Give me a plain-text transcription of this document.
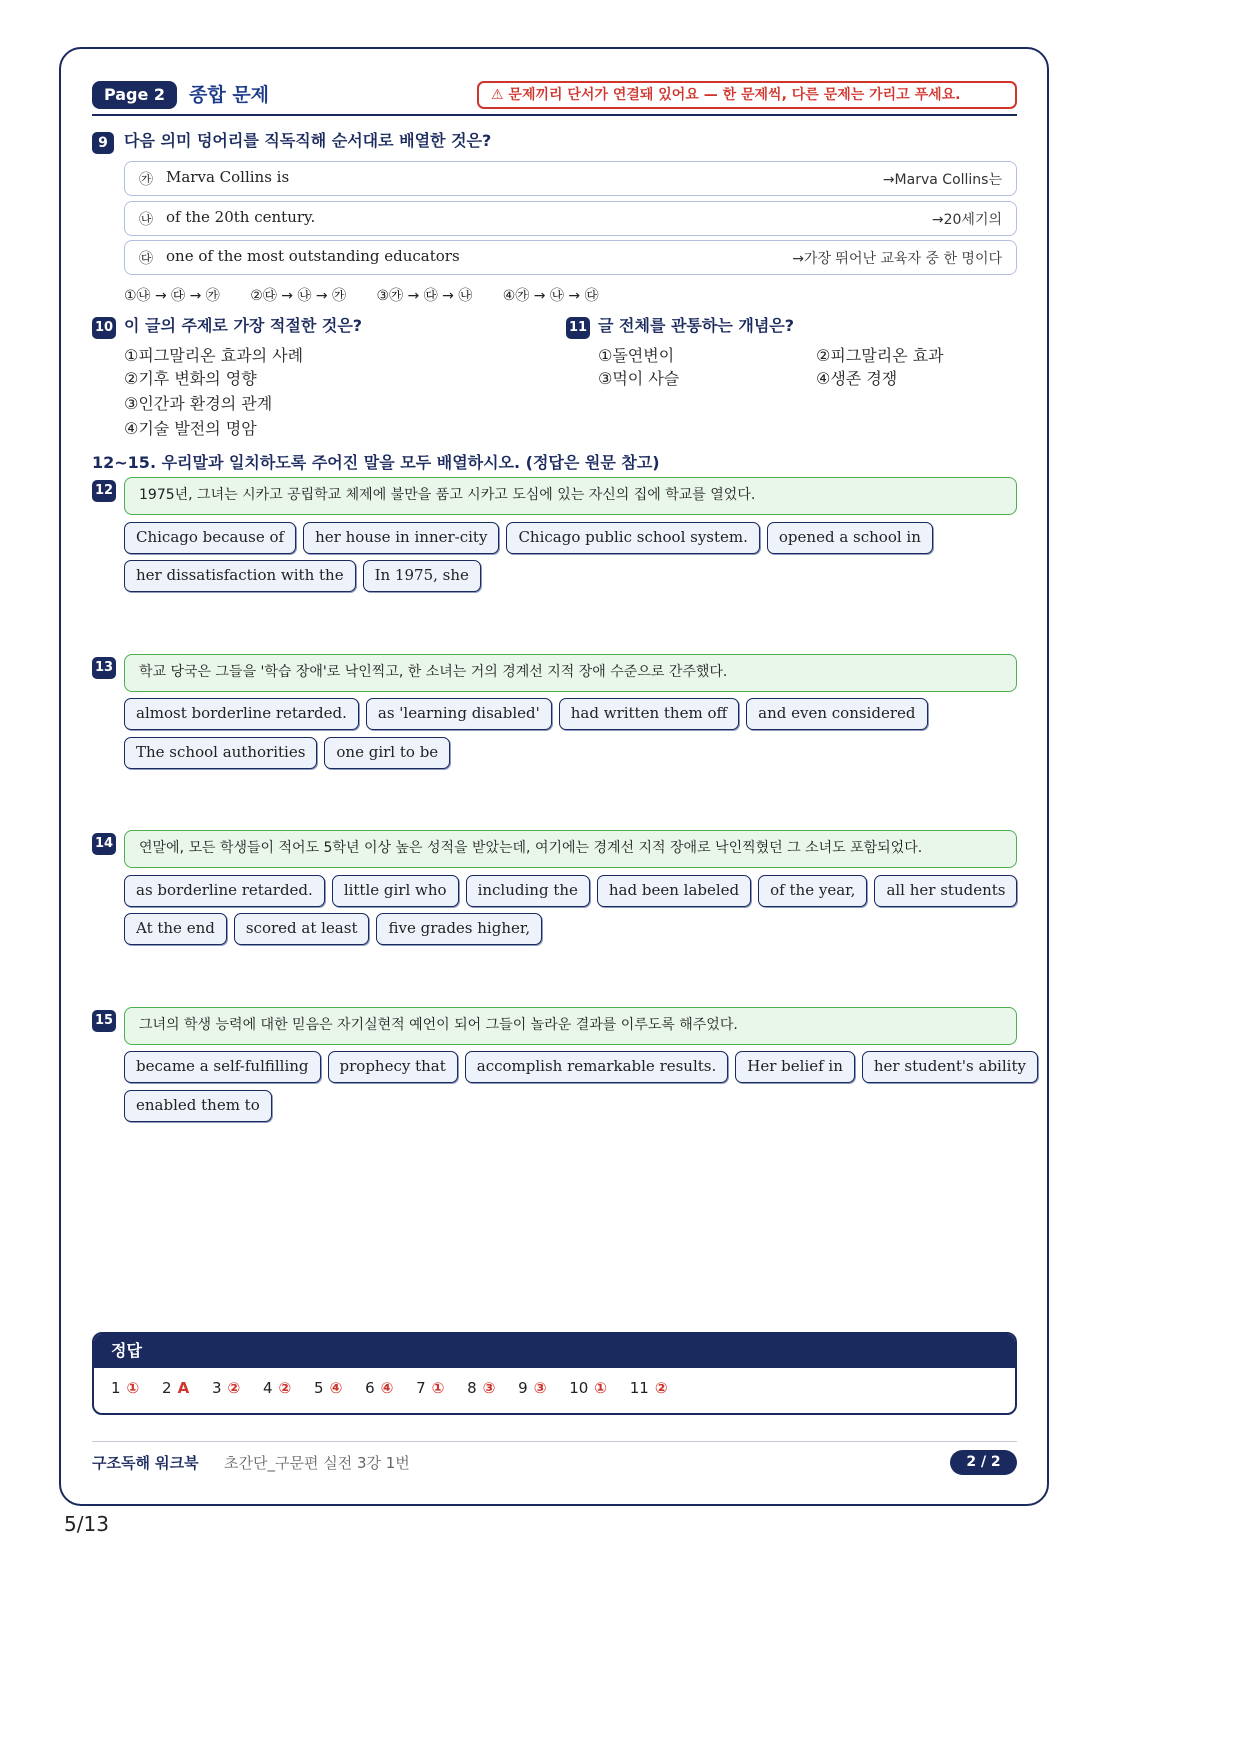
Page 2	종합 문제	⚠ 문제끼리 단서가 연결돼 있어요 — 한 문제씩, 다른 문제는 가리고 푸세요.
9	다음 의미 덩어리를 직독직해 순서대로 배열한 것은?
㉮ Marva Collins is	→Marva Collins는
㉯ of the 20th century.	→20세기의
㉰ one of the most outstanding educators	→가장 뛰어난 교육자 중 한 명이다
①㉯ → ㉰ → ㉮ ②㉰ → ㉯ → ㉮ ③㉮ → ㉰ → ㉯ ④㉮ → ㉯ → ㉰
10 이 글의 주제로 가장 적절한 것은?
①피그말리온 효과의 사례
②기후 변화의 영향
③인간과 환경의 관계
④기술 발전의 명암
11 글 전체를 관통하는 개념은?
①돌연변이	②피그말리온 효과
③먹이 사슬	④생존 경쟁
12~15. 우리말과 일치하도록 주어진 말을 모두 배열하시오. (정답은 원문 참고)
12	1975년, 그녀는 시카고 공립학교 체제에 불만을 품고 시카고 도심에 있는 자신의 집에 학교를 열었다.
Chicago because of	her house in inner-city	Chicago public school system.	opened a school in
her dissatisfaction with the	In 1975, she
13	학교 당국은 그들을 '학습 장애'로 낙인찍고, 한 소녀는 거의 경계선 지적 장애 수준으로 간주했다.
almost borderline retarded.	as 'learning disabled'	had written them off	and even considered
The school authorities	one girl to be
14	연말에, 모든 학생들이 적어도 5학년 이상 높은 성적을 받았는데, 여기에는 경계선 지적 장애로 낙인찍혔던 그 소녀도 포함되었다.
as borderline retarded.	little girl who	including the	had been labeled	of the year,	all her students
At the end	scored at least	five grades higher,
15	그녀의 학생 능력에 대한 믿음은 자기실현적 예언이 되어 그들이 놀라운 결과를 이루도록 해주었다.
became a self-fulfilling	prophecy that	accomplish remarkable results.	Her belief in	her student's ability
enabled them to
정답
1 ① 2 A 3 ② 4 ② 5 ④ 6 ④ 7 ① 8 ③ 9 ③ 10 ① 11 ②
구조독해 워크북 초간단_구문편 실전 3강 1번	2 / 2
5/13
